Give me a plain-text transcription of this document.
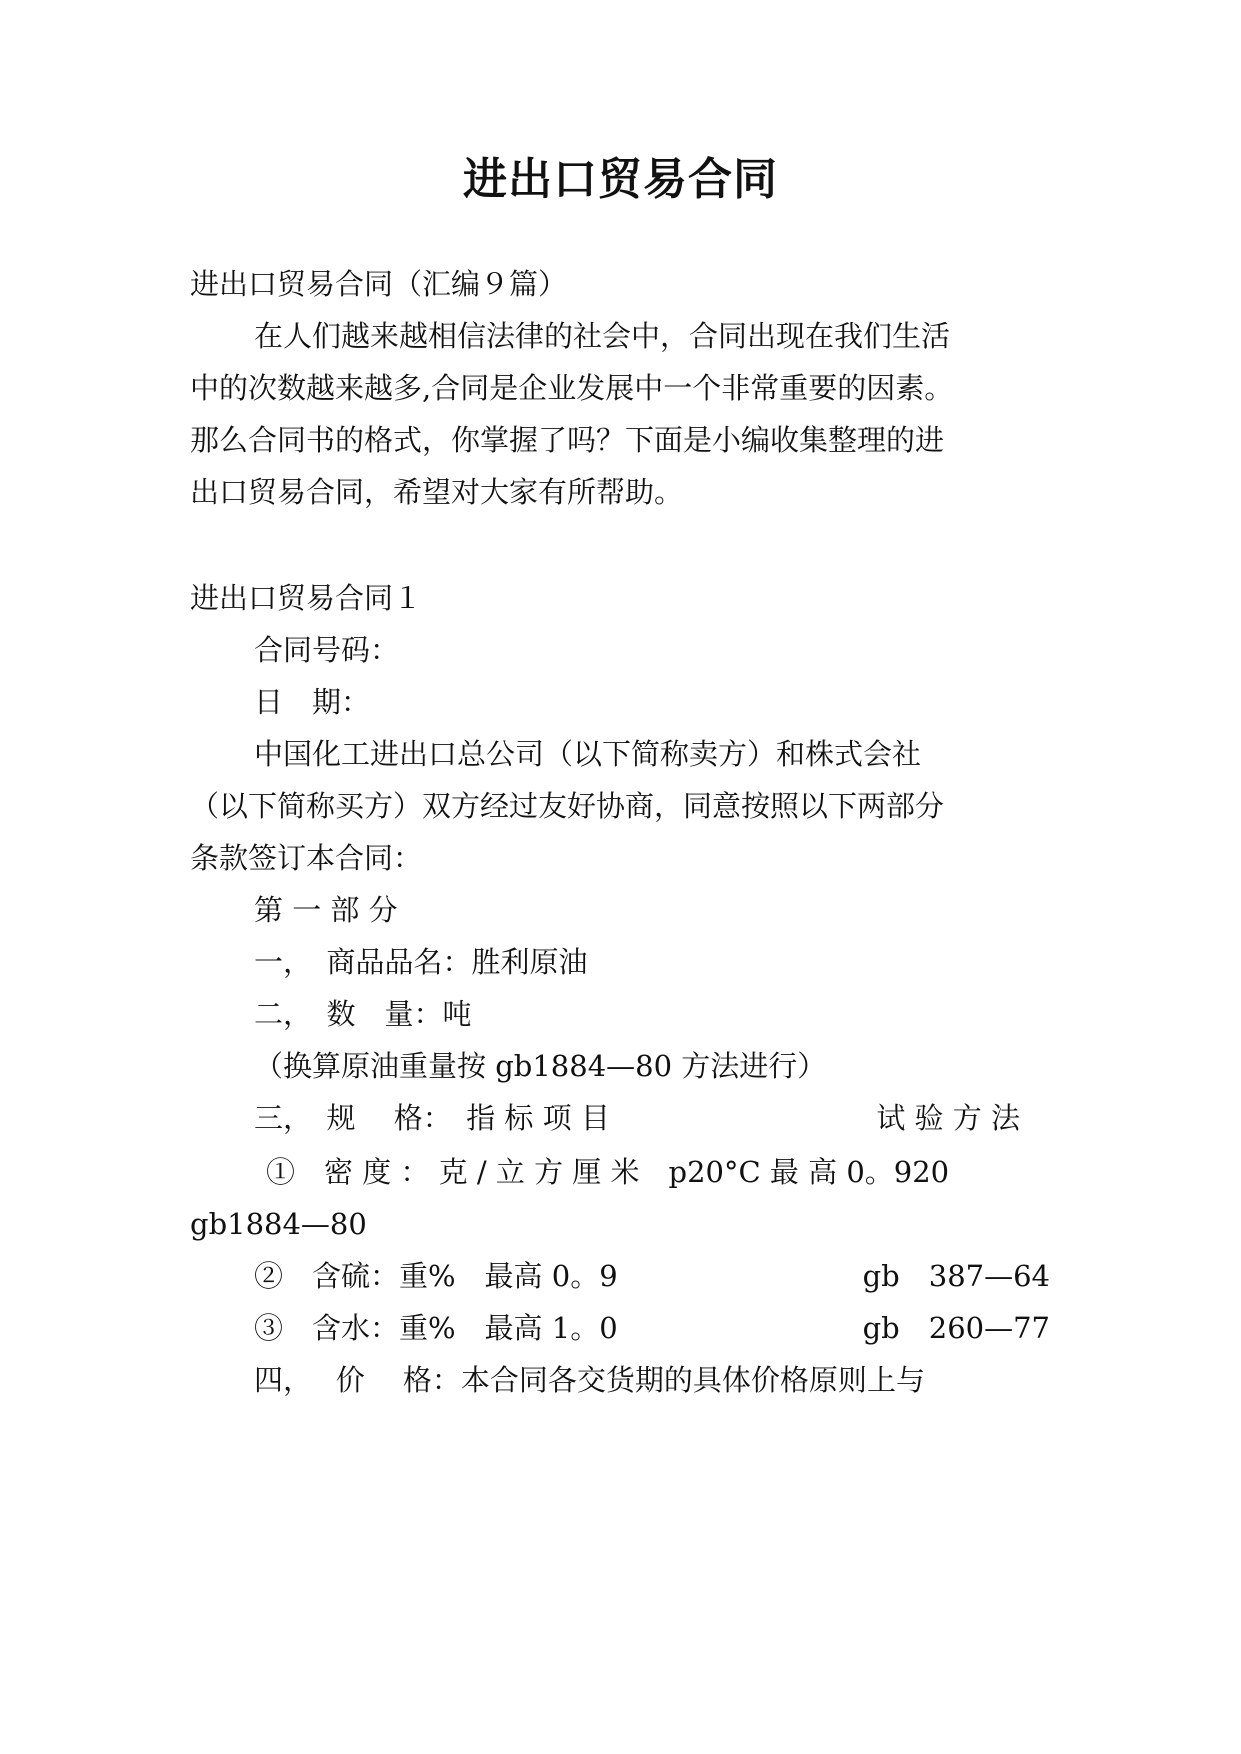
进出口贸易合同

进出口贸易合同（汇编９篇）

在人们越来越相信法律的社会中，合同出现在我们生活

中的次数越来越多,合同是企业发展中一个非常重要的因素。

那么合同书的格式，你掌握了吗？下面是小编收集整理的进

出口贸易合同，希望对大家有所帮助。

进出口贸易合同１

合同号码：

日　期：

中国化工进出口总公司（以下简称卖方）和株式会社

（以下简称买方）双方经过友好协商，同意按照以下两部分

条款签订本合同：

第 一 部 分

一，　商品品名：胜利原油

二，　数　量：吨

（换算原油重量按 gb1884—80 方法进行）

三，　规　 格：　指 标 项 目	试 验 方 法

①　密 度 ： 克 / 立 方 厘 米　p20°C 最 高 0。920

gb1884—80

②　含硫：重%　最高 0。9	gb　387—64
③　含水：重%　最高 1。0	gb　260—77

四，　 价　 格：本合同各交货期的具体价格原则上与
